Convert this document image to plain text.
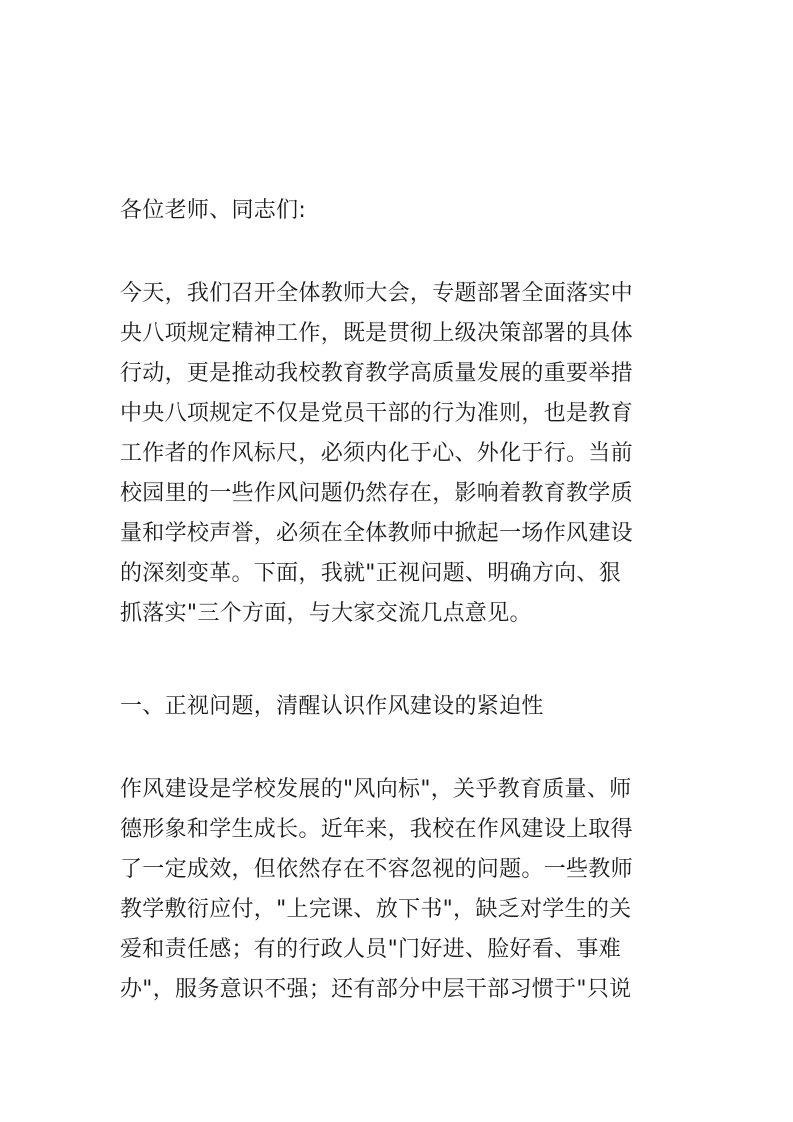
各位老师、同志们:
今天，我们召开全体教师大会，专题部署全面落实中
央八项规定精神工作，既是贯彻上级决策部署的具体
行动，更是推动我校教育教学高质量发展的重要举措
中央八项规定不仅是党员干部的行为准则，也是教育
工作者的作风标尺，必须内化于心、外化于行。当前
校园里的一些作风问题仍然存在，影响着教育教学质
量和学校声誉，必须在全体教师中掀起一场作风建设
的深刻变革。下面，我就"正视问题、明确方向、狠
抓落实"三个方面，与大家交流几点意见。
一、正视问题，清醒认识作风建设的紧迫性
作风建设是学校发展的"风向标"，关乎教育质量、师
德形象和学生成长。近年来，我校在作风建设上取得
了一定成效，但依然存在不容忽视的问题。一些教师
教学敷衍应付，"上完课、放下书"，缺乏对学生的关
爱和责任感；有的行政人员"门好进、脸好看、事难
办"，服务意识不强；还有部分中层干部习惯于"只说
